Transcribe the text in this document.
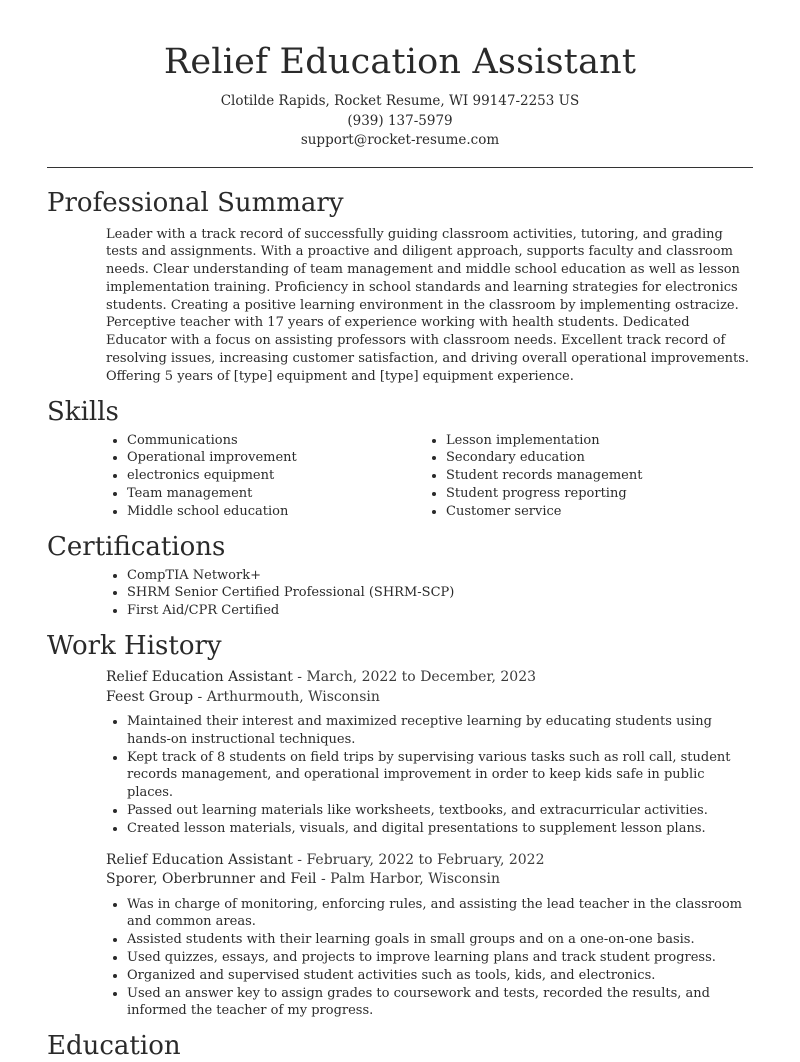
Relief Education Assistant
Clotilde Rapids, Rocket Resume, WI 99147-2253 US
(939) 137-5979
support@rocket-resume.com
Professional Summary
Leader with a track record of successfully guiding classroom activities, tutoring, and grading tests and assignments. With a proactive and diligent approach, supports faculty and classroom needs. Clear understanding of team management and middle school education as well as lesson implementation training. Proficiency in school standards and learning strategies for electronics students. Creating a positive learning environment in the classroom by implementing ostracize. Perceptive teacher with 17 years of experience working with health students. Dedicated Educator with a focus on assisting professors with classroom needs. Excellent track record of resolving issues, increasing customer satisfaction, and driving overall operational improvements. Offering 5 years of [type] equipment and [type] equipment experience.
Skills
• Communications
• Operational improvement
• electronics equipment
• Team management
• Middle school education
• Lesson implementation
• Secondary education
• Student records management
• Student progress reporting
• Customer service
Certifications
• CompTIA Network+
• SHRM Senior Certified Professional (SHRM-SCP)
• First Aid/CPR Certified
Work History
Relief Education Assistant - March, 2022 to December, 2023
Feest Group - Arthurmouth, Wisconsin
• Maintained their interest and maximized receptive learning by educating students using hands-on instructional techniques.
• Kept track of 8 students on field trips by supervising various tasks such as roll call, student records management, and operational improvement in order to keep kids safe in public places.
• Passed out learning materials like worksheets, textbooks, and extracurricular activities.
• Created lesson materials, visuals, and digital presentations to supplement lesson plans.
Relief Education Assistant - February, 2022 to February, 2022
Sporer, Oberbrunner and Feil - Palm Harbor, Wisconsin
• Was in charge of monitoring, enforcing rules, and assisting the lead teacher in the classroom and common areas.
• Assisted students with their learning goals in small groups and on a one-on-one basis.
• Used quizzes, essays, and projects to improve learning plans and track student progress.
• Organized and supervised student activities such as tools, kids, and electronics.
• Used an answer key to assign grades to coursework and tests, recorded the results, and informed the teacher of my progress.
Education
